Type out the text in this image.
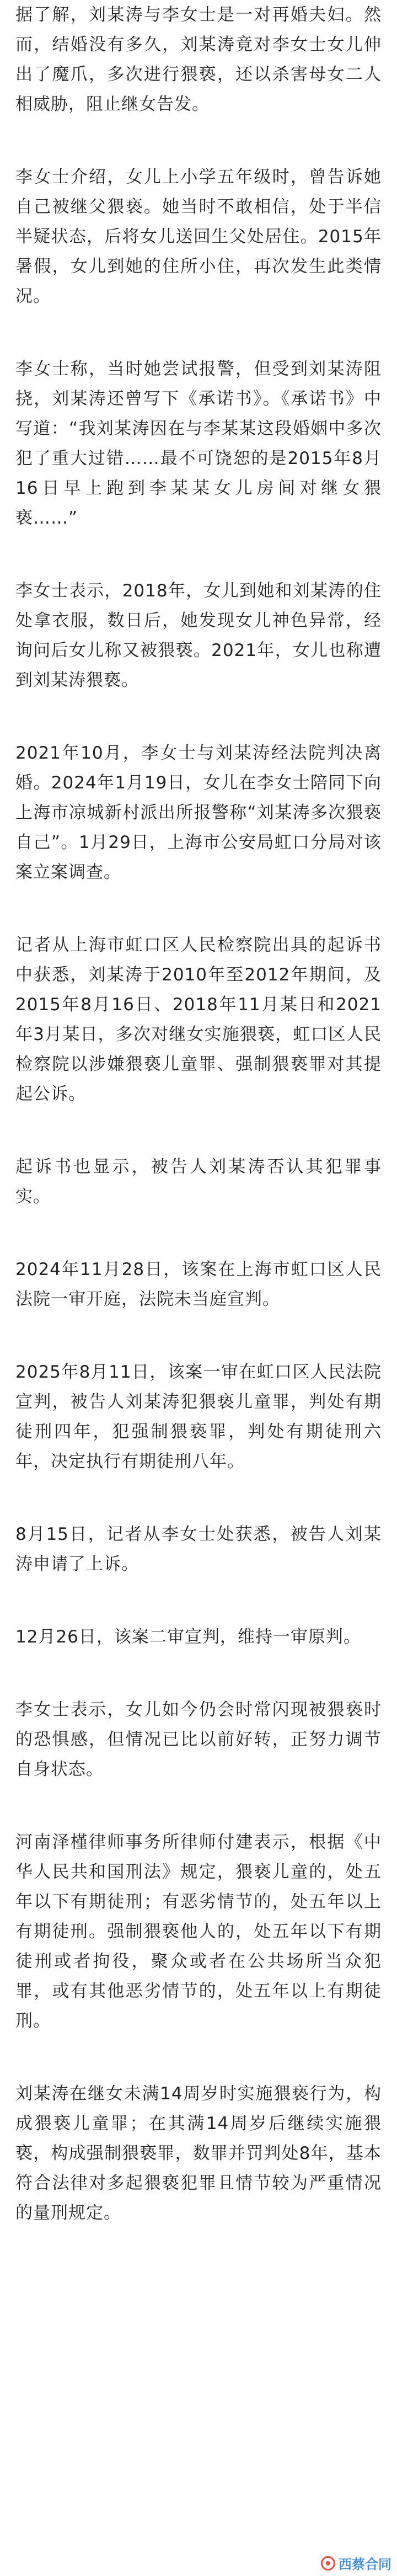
据了解，刘某涛与李女士是一对再婚夫妇。然而，结婚没有多久，刘某涛竟对李女士女儿伸出了魔爪，多次进行猥亵，还以杀害母女二人相威胁，阻止继女告发。

李女士介绍，女儿上小学五年级时，曾告诉她自己被继父猥亵。她当时不敢相信，处于半信半疑状态，后将女儿送回生父处居住。2015年暑假，女儿到她的住所小住，再次发生此类情况。

李女士称，当时她尝试报警，但受到刘某涛阻挠，刘某涛还曾写下《承诺书》。《承诺书》中写道：“我刘某涛因在与李某某这段婚姻中多次犯了重大过错……最不可饶恕的是2015年8月16日早上跑到李某某女儿房间对继女猥亵……”

李女士表示，2018年，女儿到她和刘某涛的住处拿衣服，数日后，她发现女儿神色异常，经询问后女儿称又被猥亵。2021年，女儿也称遭到刘某涛猥亵。

2021年10月，李女士与刘某涛经法院判决离婚。2024年1月19日，女儿在李女士陪同下向上海市凉城新村派出所报警称“刘某涛多次猥亵自己”。1月29日，上海市公安局虹口分局对该案立案调查。

记者从上海市虹口区人民检察院出具的起诉书中获悉，刘某涛于2010年至2012年期间，及2015年8月16日、2018年11月某日和2021年3月某日，多次对继女实施猥亵，虹口区人民检察院以涉嫌猥亵儿童罪、强制猥亵罪对其提起公诉。

起诉书也显示，被告人刘某涛否认其犯罪事实。

2024年11月28日，该案在上海市虹口区人民法院一审开庭，法院未当庭宣判。

2025年8月11日，该案一审在虹口区人民法院宣判，被告人刘某涛犯猥亵儿童罪，判处有期徒刑四年，犯强制猥亵罪，判处有期徒刑六年，决定执行有期徒刑八年。

8月15日，记者从李女士处获悉，被告人刘某涛申请了上诉。

12月26日，该案二审宣判，维持一审原判。

李女士表示，女儿如今仍会时常闪现被猥亵时的恐惧感，但情况已比以前好转，正努力调节自身状态。

河南泽槿律师事务所律师付建表示，根据《中华人民共和国刑法》规定，猥亵儿童的，处五年以下有期徒刑；有恶劣情节的，处五年以上有期徒刑。强制猥亵他人的，处五年以下有期徒刑或者拘役，聚众或者在公共场所当众犯罪，或有其他恶劣情节的，处五年以上有期徒刑。

刘某涛在继女未满14周岁时实施猥亵行为，构成猥亵儿童罪；在其满14周岁后继续实施猥亵，构成强制猥亵罪，数罪并罚判处8年，基本符合法律对多起猥亵犯罪且情节较为严重情况的量刑规定。

西蔡合同
